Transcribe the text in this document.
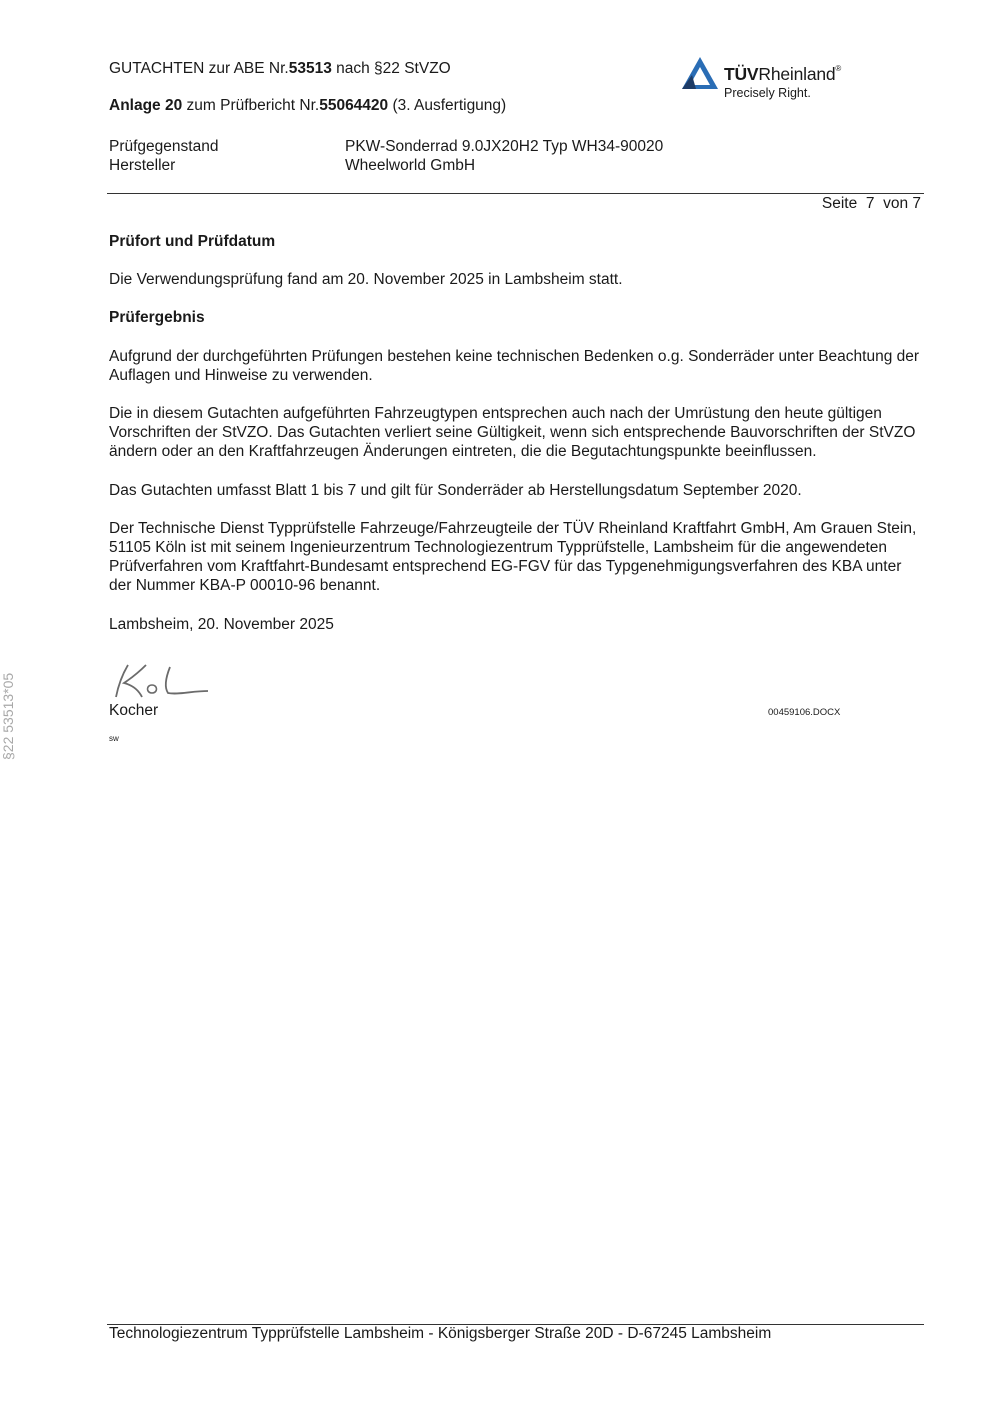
GUTACHTEN zur ABE Nr.53513 nach §22 StVZO
Anlage 20 zum Prüfbericht Nr.55064420 (3. Ausfertigung)
Prüfgegenstand	PKW-Sonderrad 9.0JX20H2 Typ WH34-90020
Hersteller	Wheelworld GmbH
TÜVRheinland®
Precisely Right.
Seite  7  von 7
Prüfort und Prüfdatum

Die Verwendungsprüfung fand am 20. November 2025 in Lambsheim statt.

Prüfergebnis

Aufgrund der durchgeführten Prüfungen bestehen keine technischen Bedenken o.g. Sonderräder unter Beachtung der Auflagen und Hinweise zu verwenden.

Die in diesem Gutachten aufgeführten Fahrzeugtypen entsprechen auch nach der Umrüstung den heute gültigen Vorschriften der StVZO. Das Gutachten verliert seine Gültigkeit, wenn sich entsprechende Bauvorschriften der StVZO ändern oder an den Kraftfahrzeugen Änderungen eintreten, die die Begutachtungspunkte beeinflussen.

Das Gutachten umfasst Blatt 1 bis 7 und gilt für Sonderräder ab Herstellungsdatum September 2020.

Der Technische Dienst Typprüfstelle Fahrzeuge/Fahrzeugteile der TÜV Rheinland Kraftfahrt GmbH, Am Grauen Stein, 51105 Köln ist mit seinem Ingenieurzentrum Technologiezentrum Typprüfstelle, Lambsheim für die angewendeten Prüfverfahren vom Kraftfahrt-Bundesamt entsprechend EG-FGV für das Typgenehmigungsverfahren des KBA unter der Nummer KBA-P 00010-96 benannt.

Lambsheim, 20. November 2025

Kocher	00459106.DOCX
sw
§22 53513*05
Technologiezentrum Typprüfstelle Lambsheim - Königsberger Straße 20D - D-67245 Lambsheim
